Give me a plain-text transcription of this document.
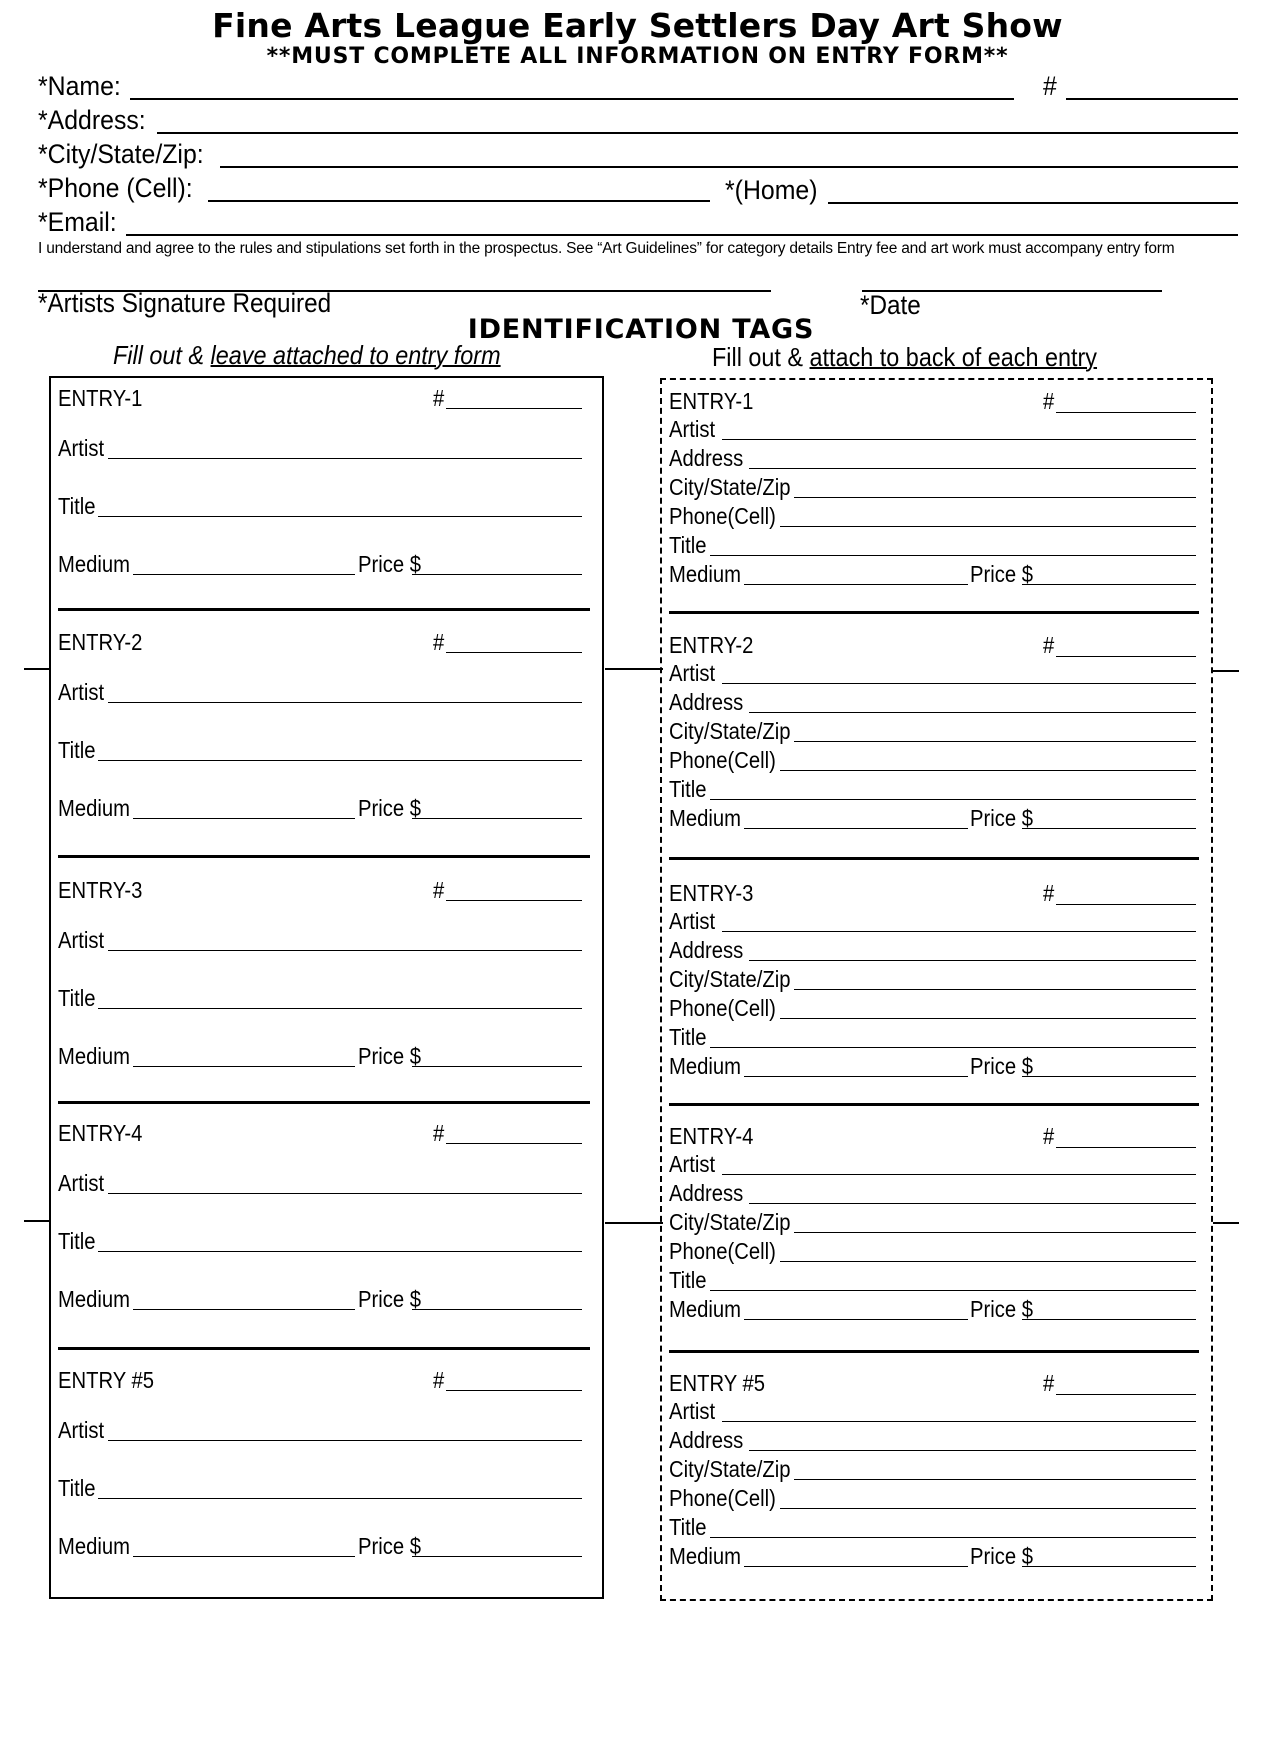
Fine Arts League Early Settlers Day Art Show
**MUST COMPLETE ALL INFORMATION ON ENTRY FORM**
*Name:	#
*Address:
*City/State/Zip:
*Phone (Cell):	*(Home)
*Email:
I understand and agree to the rules and stipulations set forth in the prospectus. See “Art Guidelines” for category details Entry fee and art work must accompany entry form
*Artists Signature Required	*Date
IDENTIFICATION TAGS
Fill out & leave attached to entry form	Fill out & attach to back of each entry
ENTRY-1	#
Artist
Title
Medium	Price $
ENTRY-2	#
Artist
Title
Medium	Price $
ENTRY-3	#
Artist
Title
Medium	Price $
ENTRY-4	#
Artist
Title
Medium	Price $
ENTRY #5	#
Artist
Title
Medium	Price $
ENTRY-1	#
Artist
Address
City/State/Zip
Phone(Cell)
Title
Medium	Price $
ENTRY-2	#
Artist
Address
City/State/Zip
Phone(Cell)
Title
Medium	Price $
ENTRY-3	#
Artist
Address
City/State/Zip
Phone(Cell)
Title
Medium	Price $
ENTRY-4	#
Artist
Address
City/State/Zip
Phone(Cell)
Title
Medium	Price $
ENTRY #5	#
Artist
Address
City/State/Zip
Phone(Cell)
Title
Medium	Price $
